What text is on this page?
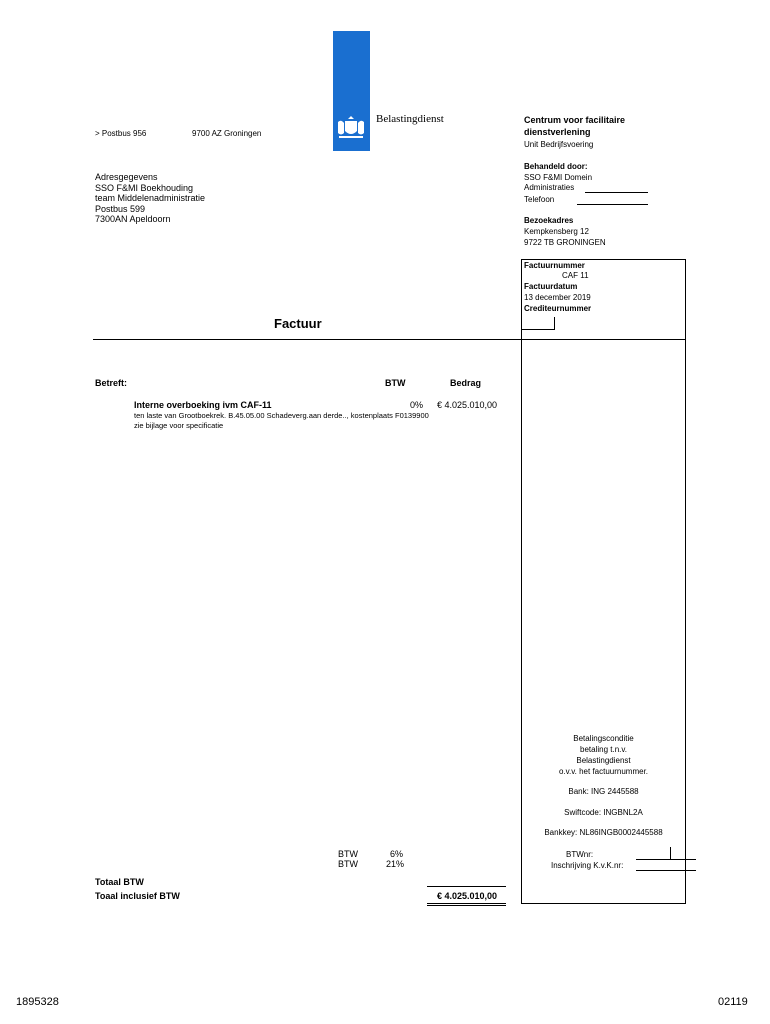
Belastingdienst
> Postbus 956	9700 AZ Groningen
Adresgegevens
SSO F&MI Boekhouding
team Middelenadministratie
Postbus 599
7300AN Apeldoorn
Centrum voor facilitaire
dienstverlening
Unit Bedrijfsvoering
Behandeld door:
SSO F&MI Domein
Administraties
Telefoon
Bezoekadres
Kempkensberg 12
9722 TB GRONINGEN
Factuurnummer
CAF 11
Factuurdatum
13 december 2019
Crediteurnummer
Factuur
Betreft:	BTW	Bedrag
Interne overboeking ivm CAF-11	0% € 4.025.010,00
ten laste van Grootboekrek. B.45.05.00 Schadeverg.aan derde.., kostenplaats F0139900
zie bijlage voor specificatie
Betalingsconditie
betaling t.n.v.
Belastingdienst
o.v.v. het factuurnummer.
Bank: ING 2445588
Swiftcode: INGBNL2A
Bankkey: NL86INGB0002445588
BTWnr:
Inschrijving K.v.K.nr:
BTW	6%
BTW	21%
Totaal BTW
Toaal inclusief BTW	€ 4.025.010,00
1895328	02119
